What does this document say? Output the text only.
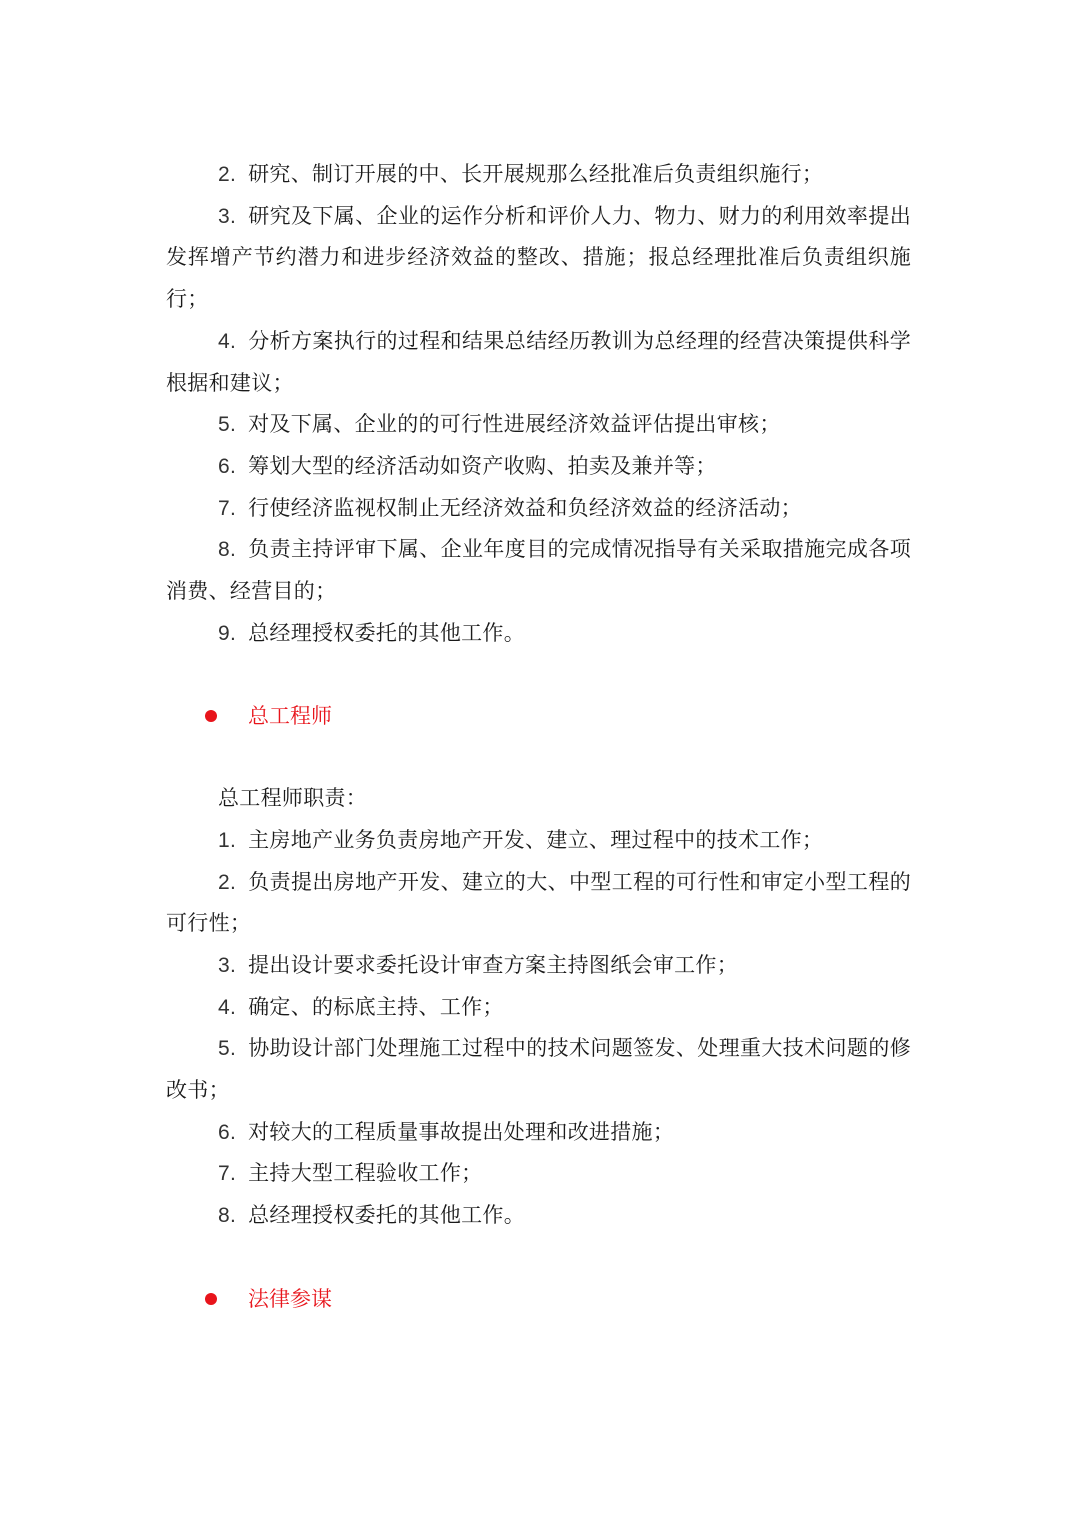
2. 研究、制订开展的中、长开展规那么经批准后负责组织施行；

3. 研究及下属、企业的运作分析和评价人力、物力、财力的利用效率提出发挥增产节约潜力和进步经济效益的整改、措施；报总经理批准后负责组织施行；

4. 分析方案执行的过程和结果总结经历教训为总经理的经营决策提供科学根据和建议；

5. 对及下属、企业的的可行性进展经济效益评估提出审核；

6. 筹划大型的经济活动如资产收购、拍卖及兼并等；

7. 行使经济监视权制止无经济效益和负经济效益的经济活动；

8. 负责主持评审下属、企业年度目的完成情况指导有关采取措施完成各项消费、经营目的；

9. 总经理授权委托的其他工作。

总工程师

总工程师职责：

1. 主房地产业务负责房地产开发、建立、理过程中的技术工作；

2. 负责提出房地产开发、建立的大、中型工程的可行性和审定小型工程的可行性；

3. 提出设计要求委托设计审查方案主持图纸会审工作；

4. 确定、的标底主持、工作；

5. 协助设计部门处理施工过程中的技术问题签发、处理重大技术问题的修改书；

6. 对较大的工程质量事故提出处理和改进措施；

7. 主持大型工程验收工作；

8. 总经理授权委托的其他工作。

法律参谋
